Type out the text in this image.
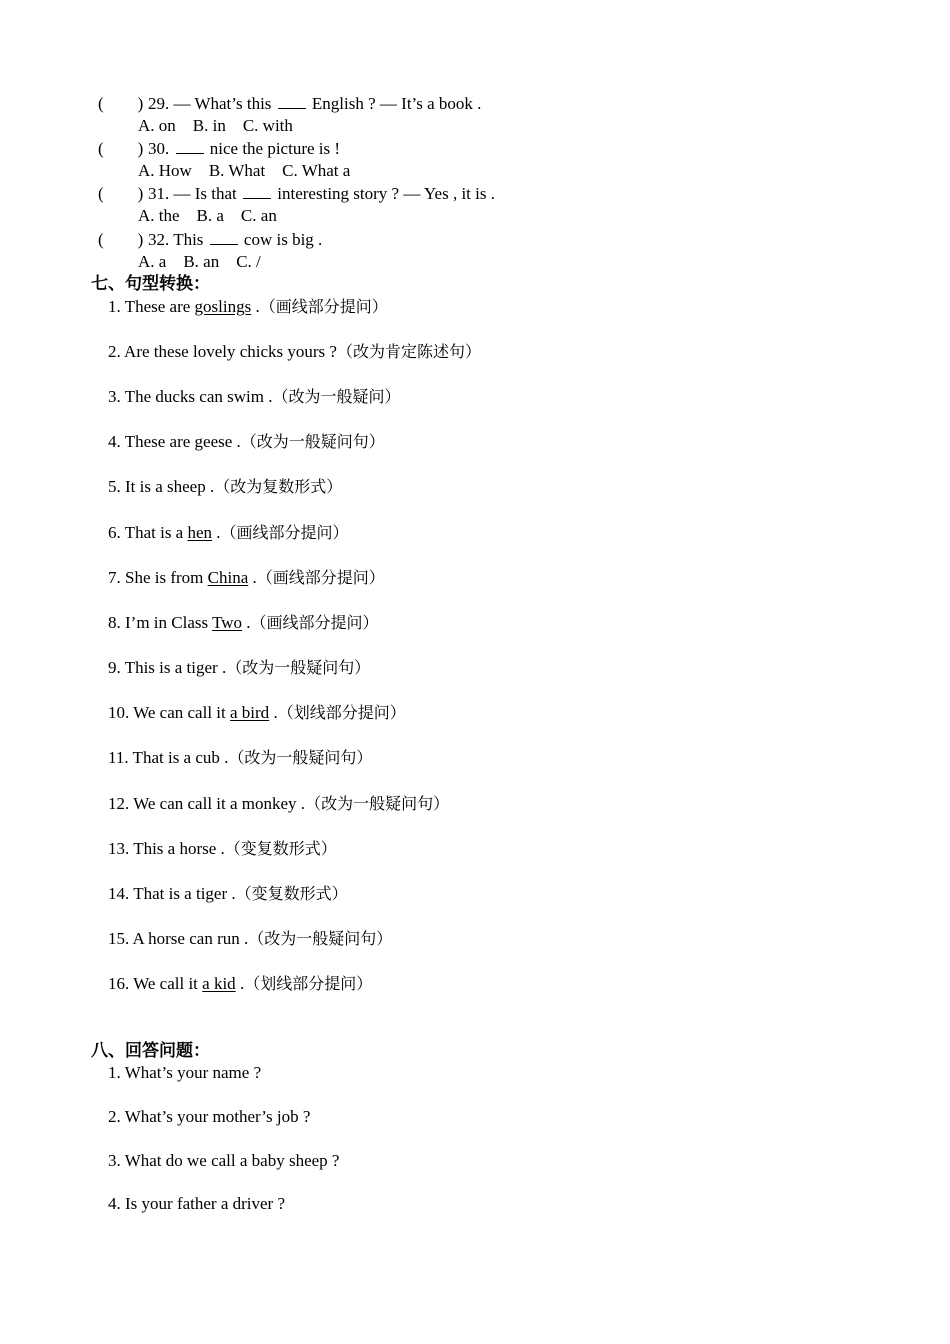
(        ) 29. — What’s this  English ? — It’s a book .
A. on    B. in    C. with
(        ) 30.  nice the picture is !
A. How    B. What    C. What a
(        ) 31. — Is that  interesting story ? — Yes , it is .
A. the    B. a    C. an
(        ) 32. This  cow is big .
A. a    B. an    C. /
七、句型转换：
1. These are goslings .（画线部分提问）
2. Are these lovely chicks yours ?（改为肯定陈述句）
3. The ducks can swim .（改为一般疑问）
4. These are geese .（改为一般疑问句）
5. It is a sheep .（改为复数形式）
6. That is a hen .（画线部分提问）
7. She is from China .（画线部分提问）
8. I’m in Class Two .（画线部分提问）
9. This is a tiger .（改为一般疑问句）
10. We can call it a bird .（划线部分提问）
11. That is a cub .（改为一般疑问句）
12. We can call it a monkey .（改为一般疑问句）
13. This a horse .（变复数形式）
14. That is a tiger .（变复数形式）
15. A horse can run .（改为一般疑问句）
16. We call it a kid .（划线部分提问）
八、回答问题：
1. What’s your name ?
2. What’s your mother’s job ?
3. What do we call a baby sheep ?
4. Is your father a driver ?
